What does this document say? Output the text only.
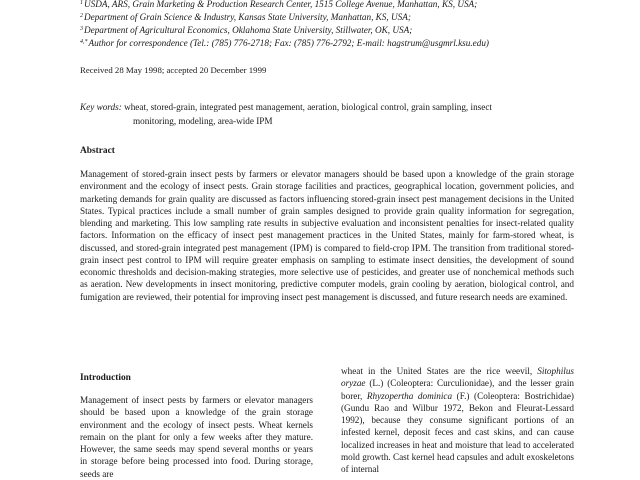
$^1$USDA, ARS, Grain Marketing & Production Research Center, 1515 College Avenue, Manhattan, KS, USA;
$^2$Department of Grain Science & Industry, Kansas State University, Manhattan, KS, USA;
$^3$Department of Agricultural Economics, Oklahoma State University, Stillwater, OK, USA;
$^{4,*}$Author for correspondence (Tel.: (785) 776-2718; Fax: (785) 776-2792; E-mail: hagstrum@usgmrl.ksu.edu)
Received 28 May 1998; accepted 20 December 1999
Key words: wheat, stored-grain, integrated pest management, aeration, biological control, grain sampling, insect
monitoring, modeling, area-wide IPM
Abstract
Management of stored-grain insect pests by farmers or elevator managers should be based upon a knowledge of the grain storage environment and the ecology of insect pests. Grain storage facilities and practices, geographical location, government policies, and marketing demands for grain quality are discussed as factors influencing stored-grain insect pest management decisions in the United States. Typical practices include a small number of grain samples designed to provide grain quality information for segregation, blending and marketing. This low sampling rate results in subjective evaluation and inconsistent penalties for insect-related quality factors. Information on the efficacy of insect pest management practices in the United States, mainly for farm-stored wheat, is discussed, and stored-grain integrated pest management (IPM) is compared to field-crop IPM. The transition from traditional stored-grain insect pest control to IPM will require greater emphasis on sampling to estimate insect densities, the development of sound economic thresholds and decision-making strategies, more selective use of pesticides, and greater use of nonchemical methods such as aeration. New developments in insect monitoring, predictive computer models, grain cooling by aeration, biological control, and fumigation are reviewed, their potential for improving insect pest management is discussed, and future research needs are examined.
Introduction
Management of insect pests by farmers or elevator managers should be based upon a knowledge of the grain storage environment and the ecology of insect pests. Wheat kernels remain on the plant for only a few weeks after they mature. However, the same seeds may spend several months or years in storage before being processed into food. During storage, seeds are
wheat in the United States are the rice weevil, Sitophilus oryzae (L.) (Coleoptera: Curculionidae), and the lesser grain borer, Rhyzopertha dominica (F.) (Coleoptera: Bostrichidae) (Gundu Rao and Wilbur 1972, Bekon and Fleurat-Lessard 1992), because they consume significant portions of an infested kernel, deposit feces and cast skins, and can cause localized increases in heat and moisture that lead to accelerated mold growth. Cast kernel head capsules and adult exoskeletons of internal
